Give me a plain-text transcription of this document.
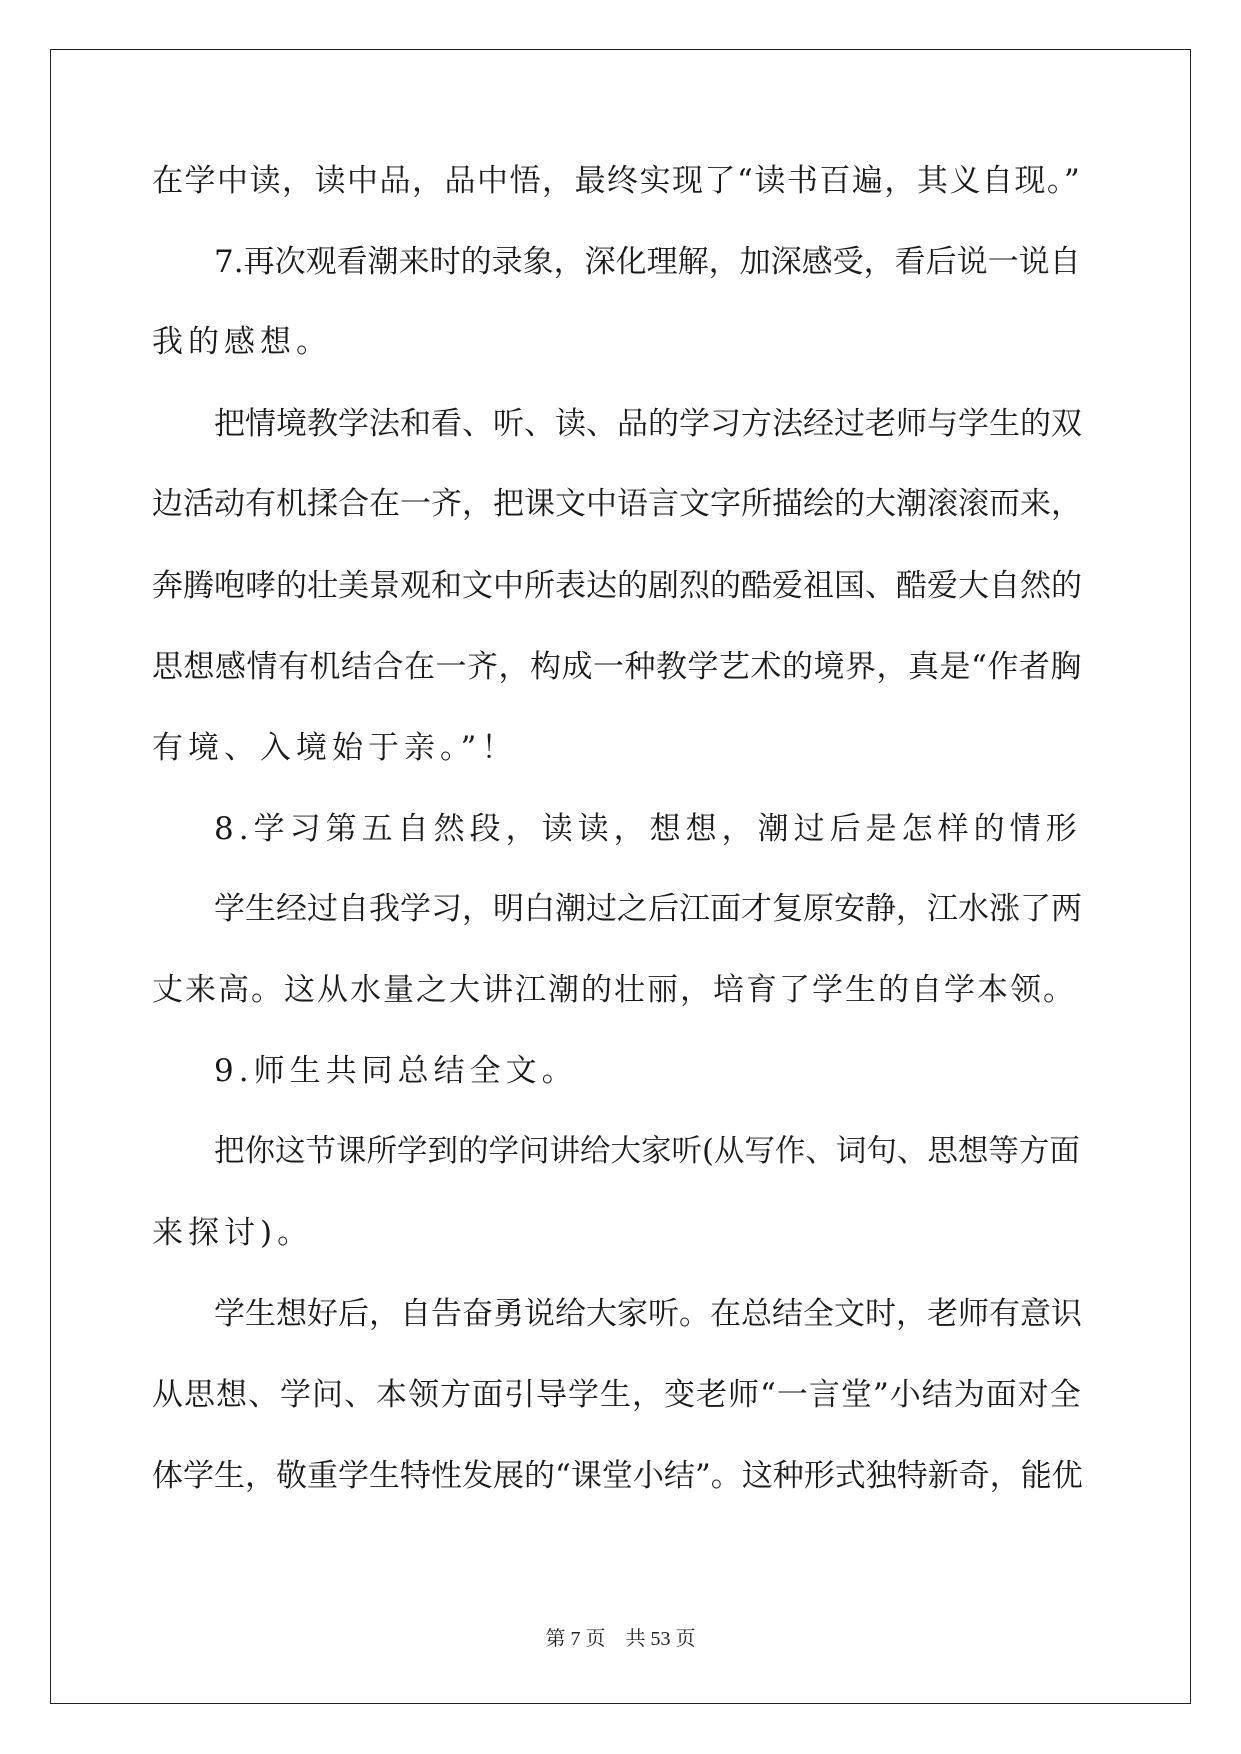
在学中读，读中品，品中悟，最终实现了“读书百遍，其义自现。”
7.再次观看潮来时的录象，深化理解，加深感受，看后说一说自
我的感想。
把情境教学法和看、听、读、品的学习方法经过老师与学生的双
边活动有机揉合在一齐，把课文中语言文字所描绘的大潮滚滚而来，
奔腾咆哮的壮美景观和文中所表达的剧烈的酷爱祖国、酷爱大自然的
思想感情有机结合在一齐，构成一种教学艺术的境界，真是“作者胸
有境、入境始于亲。”！
8.学习第五自然段，读读，想想，潮过后是怎样的情形
学生经过自我学习，明白潮过之后江面才复原安静，江水涨了两
丈来高。这从水量之大讲江潮的壮丽，培育了学生的自学本领。
9.师生共同总结全文。
把你这节课所学到的学问讲给大家听(从写作、词句、思想等方面
来探讨)。
学生想好后，自告奋勇说给大家听。在总结全文时，老师有意识
从思想、学问、本领方面引导学生，变老师“一言堂”小结为面对全
体学生，敬重学生特性发展的“课堂小结”。这种形式独特新奇，能优
第 7 页 共 53 页
